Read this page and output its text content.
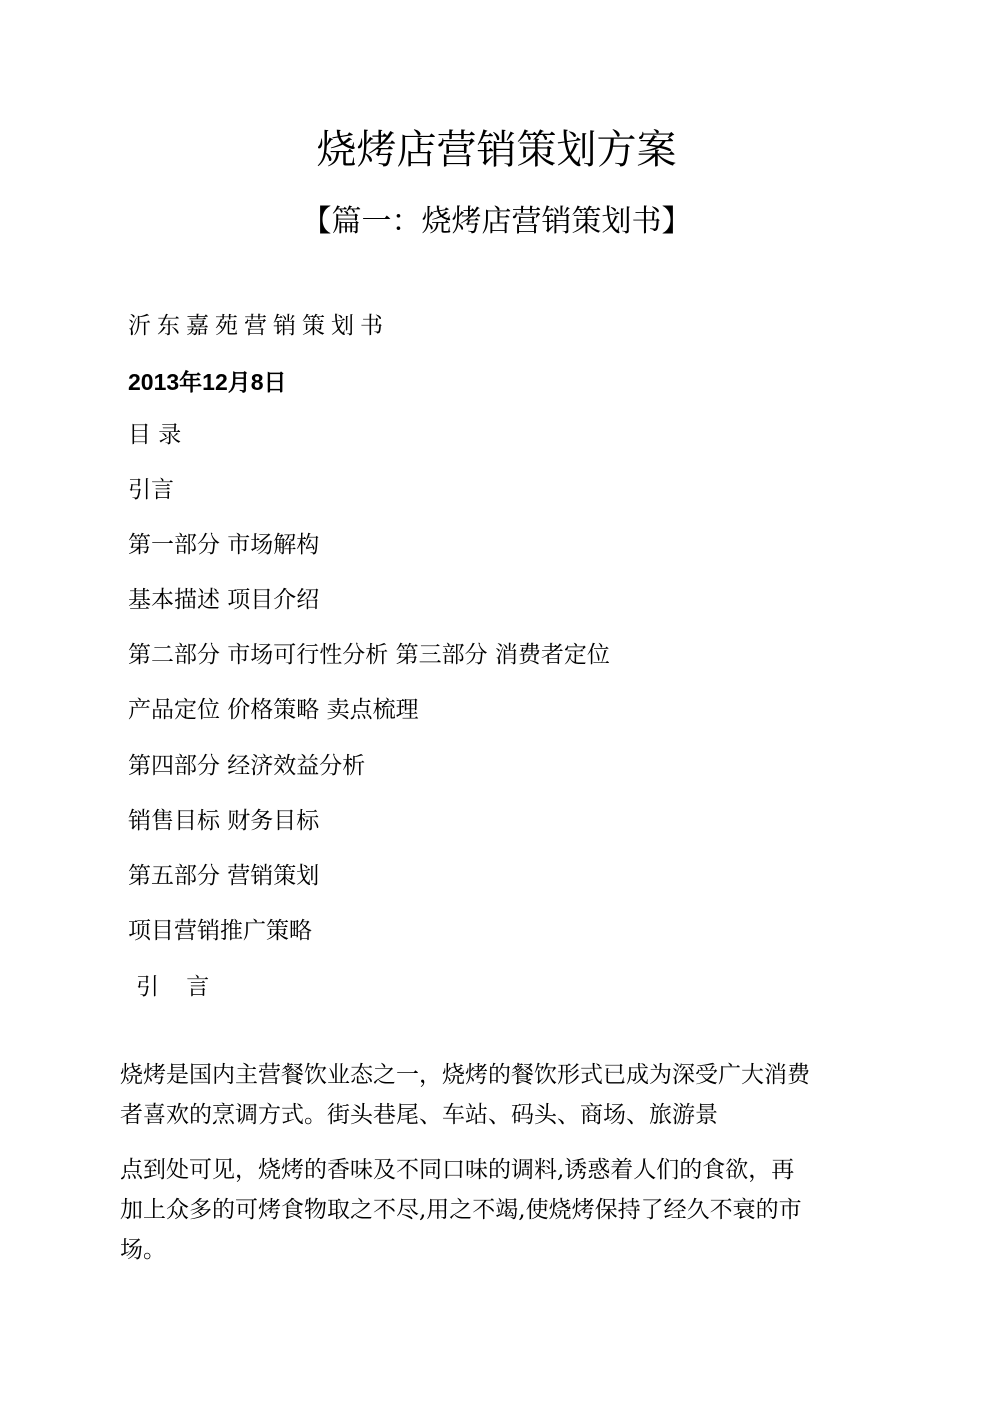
烧烤店营销策划方案
【篇一：烧烤店营销策划书】
沂东嘉苑营销策划书
2013年12月8日
目 录
引言
第一部分 市场解构
基本描述 项目介绍
第二部分 市场可行性分析 第三部分 消费者定位
产品定位 价格策略 卖点梳理
第四部分 经济效益分析
销售目标 财务目标
第五部分 营销策划
项目营销推广策略
引 言
烧烤是国内主营餐饮业态之一，烧烤的餐饮形式已成为深受广大消费
者喜欢的烹调方式。街头巷尾、车站、码头、商场、旅游景
点到处可见，烧烤的香味及不同口味的调料,诱惑着人们的食欲，再
加上众多的可烤食物取之不尽,用之不竭,使烧烤保持了经久不衰的市
场。
